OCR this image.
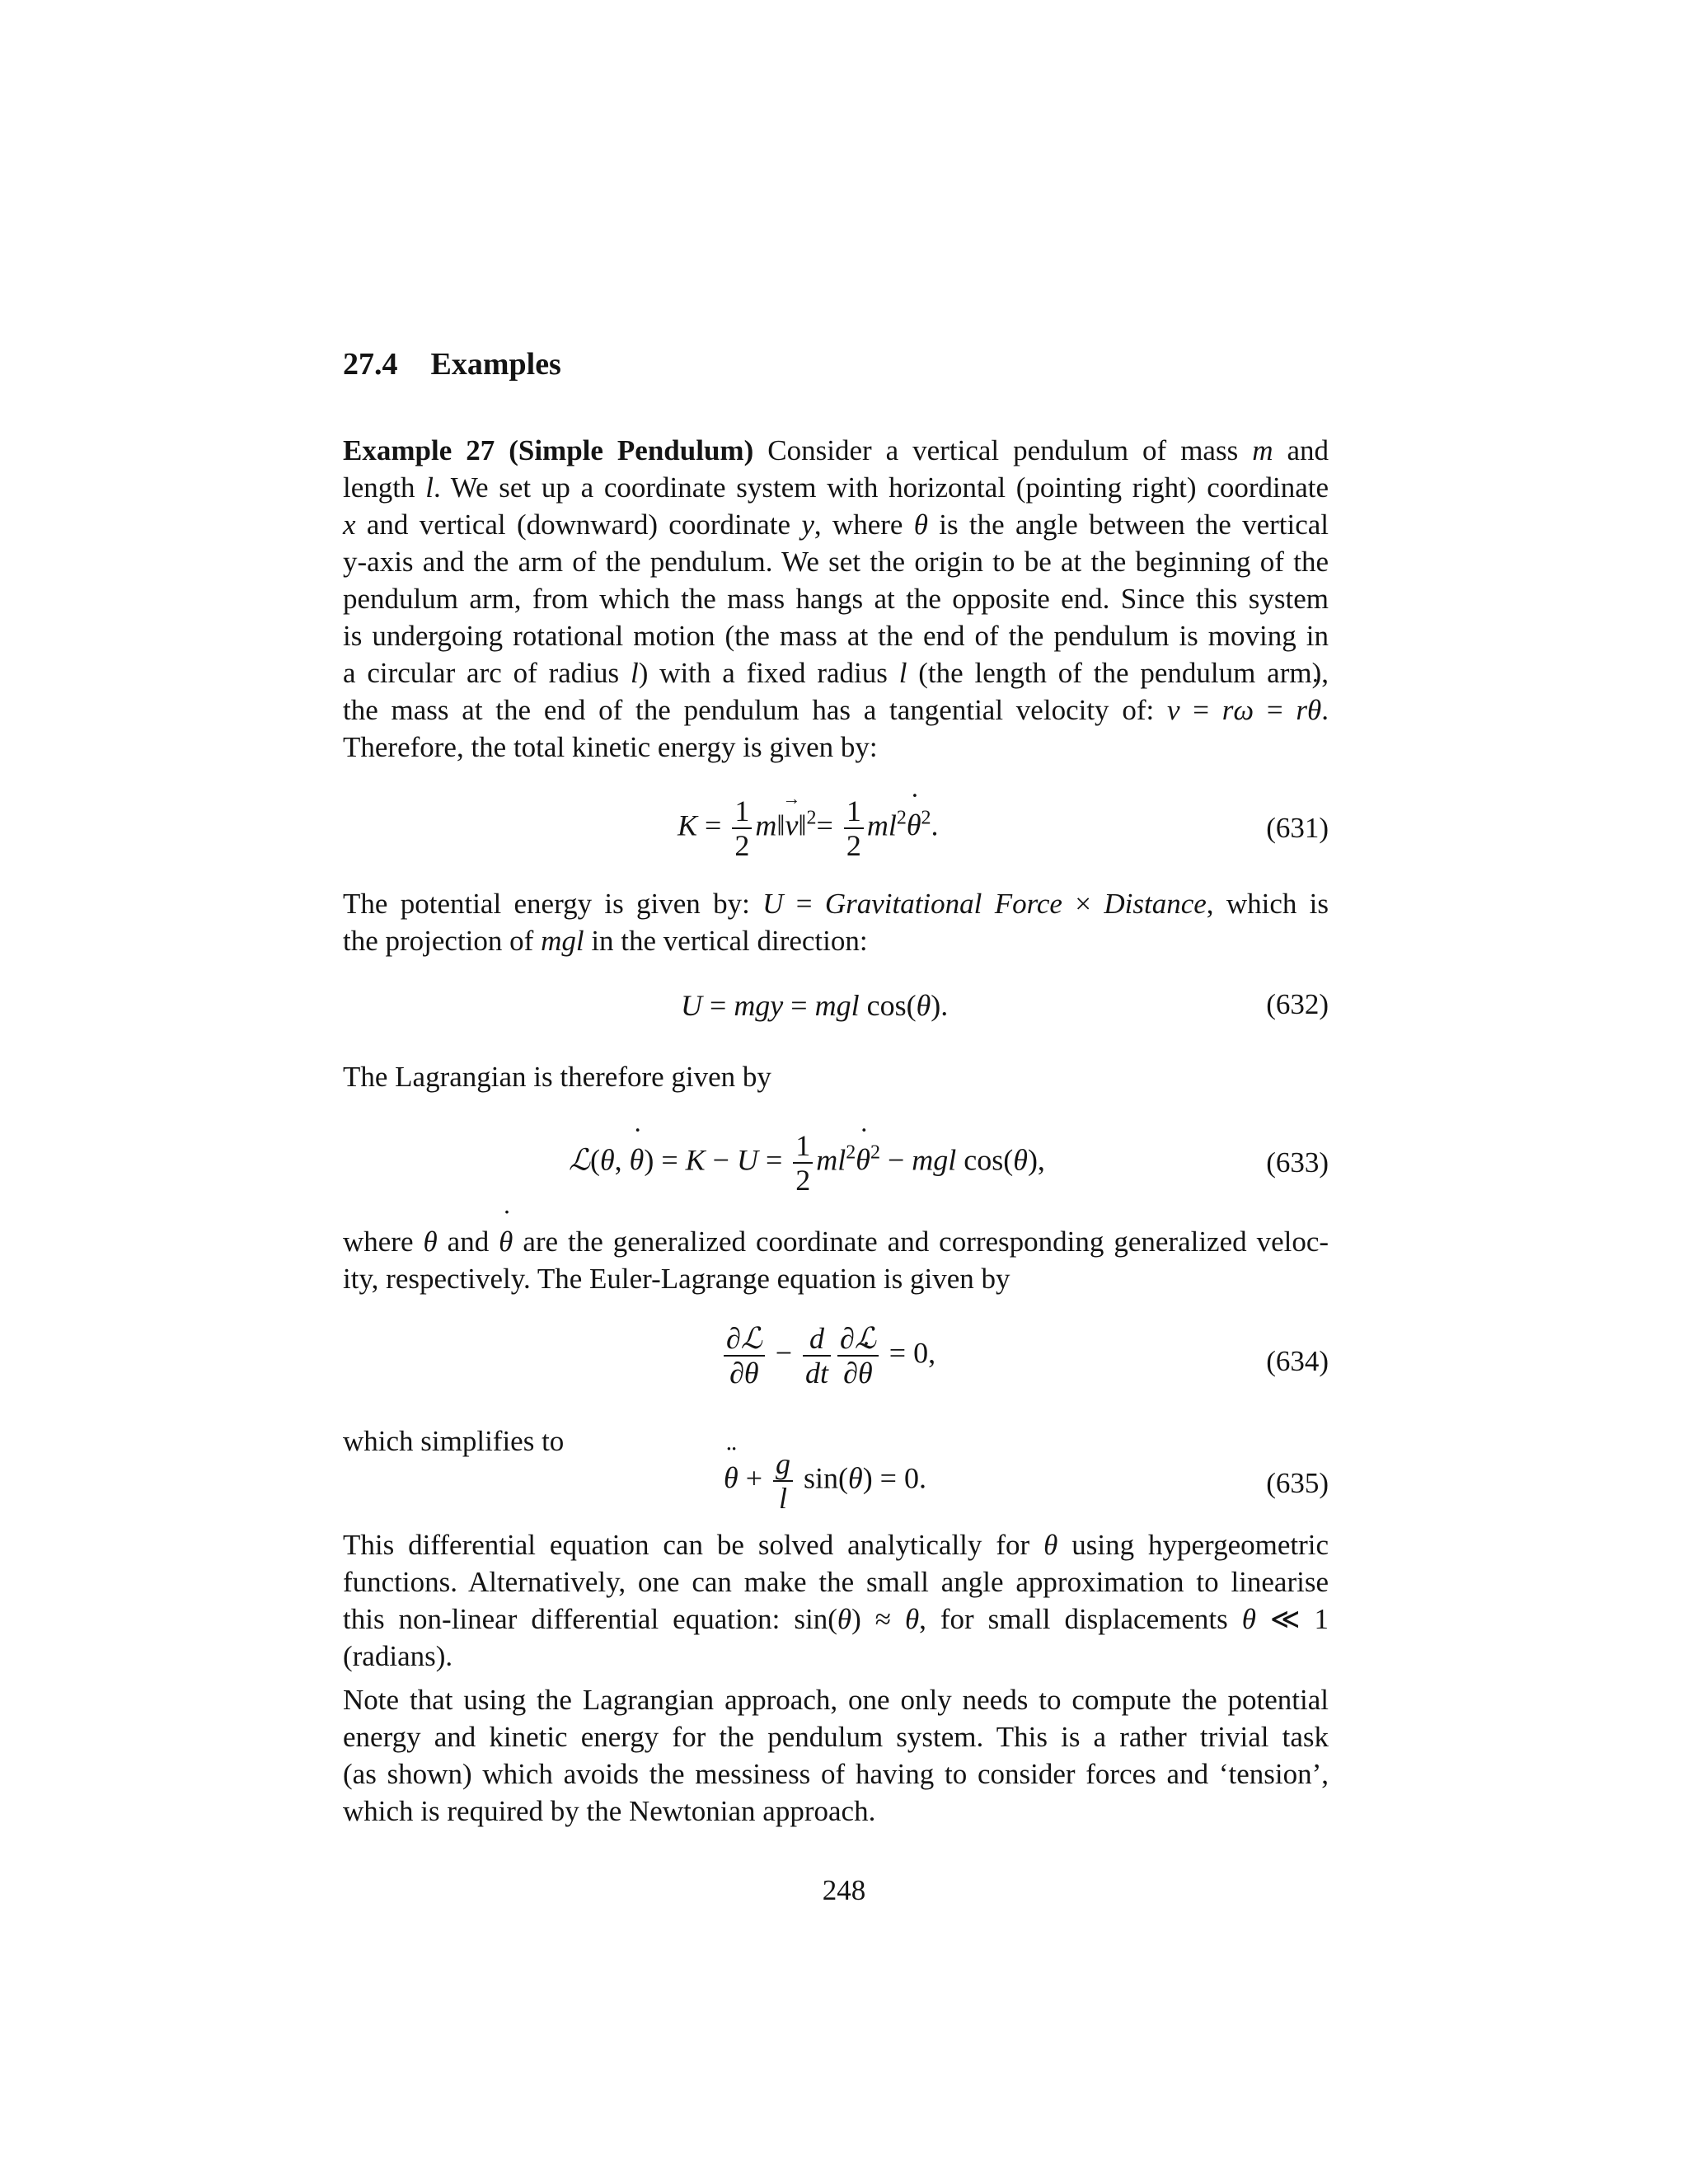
27.4 Examples
Example 27 (Simple Pendulum) Consider a vertical pendulum of mass m and
length l. We set up a coordinate system with horizontal (pointing right) coordinate
x and vertical (downward) coordinate y, where θ is the angle between the vertical
y-axis and the arm of the pendulum. We set the origin to be at the beginning of the
pendulum arm, from which the mass hangs at the opposite end. Since this system
is undergoing rotational motion (the mass at the end of the pendulum is moving in
a circular arc of radius l) with a fixed radius l (the length of the pendulum arm),
the mass at the end of the pendulum has a tangential velocity of: v = rω = r˙ θ.
Therefore, the total kinetic energy is given by:
$K = \frac{1}{2}$ m‖→ v‖$^2$= $\frac{1}{2}$ $ml^2˙$ $\theta^2$.	(631)
The potential energy is given by: U = Gravitational Force × Distance, which is
the projection of mgl in the vertical direction:
U = mgy = mgl cos(θ).	(632)
The Lagrangian is therefore given by
ℒ(θ, ˙ $\theta) = K - U = \frac{1}{2}$ $ml^2˙$ $\theta^2$ − mgl cos(θ),	(633)
where θ and ˙ θ are the generalized coordinate and corresponding generalized veloc-
ity, respectively. The Euler-Lagrange equation is given by
$\frac{\text{∂ℒ}}{\partial\theta} - \frac{d}{dt} \frac{\text{∂ℒ}}{\partial˙ \theta} = 0$,	(634)
which simplifies to
¨ $\theta + \frac{g}{l} \sin(\theta) = 0$.	(635)
This differential equation can be solved analytically for θ using hypergeometric
functions. Alternatively, one can make the small angle approximation to linearise
this non-linear differential equation: sin(θ) ≈ θ, for small displacements θ ≪ 1
(radians).
Note that using the Lagrangian approach, one only needs to compute the potential
energy and kinetic energy for the pendulum system. This is a rather trivial task
(as shown) which avoids the messiness of having to consider forces and ‘tension’,
which is required by the Newtonian approach.
248
